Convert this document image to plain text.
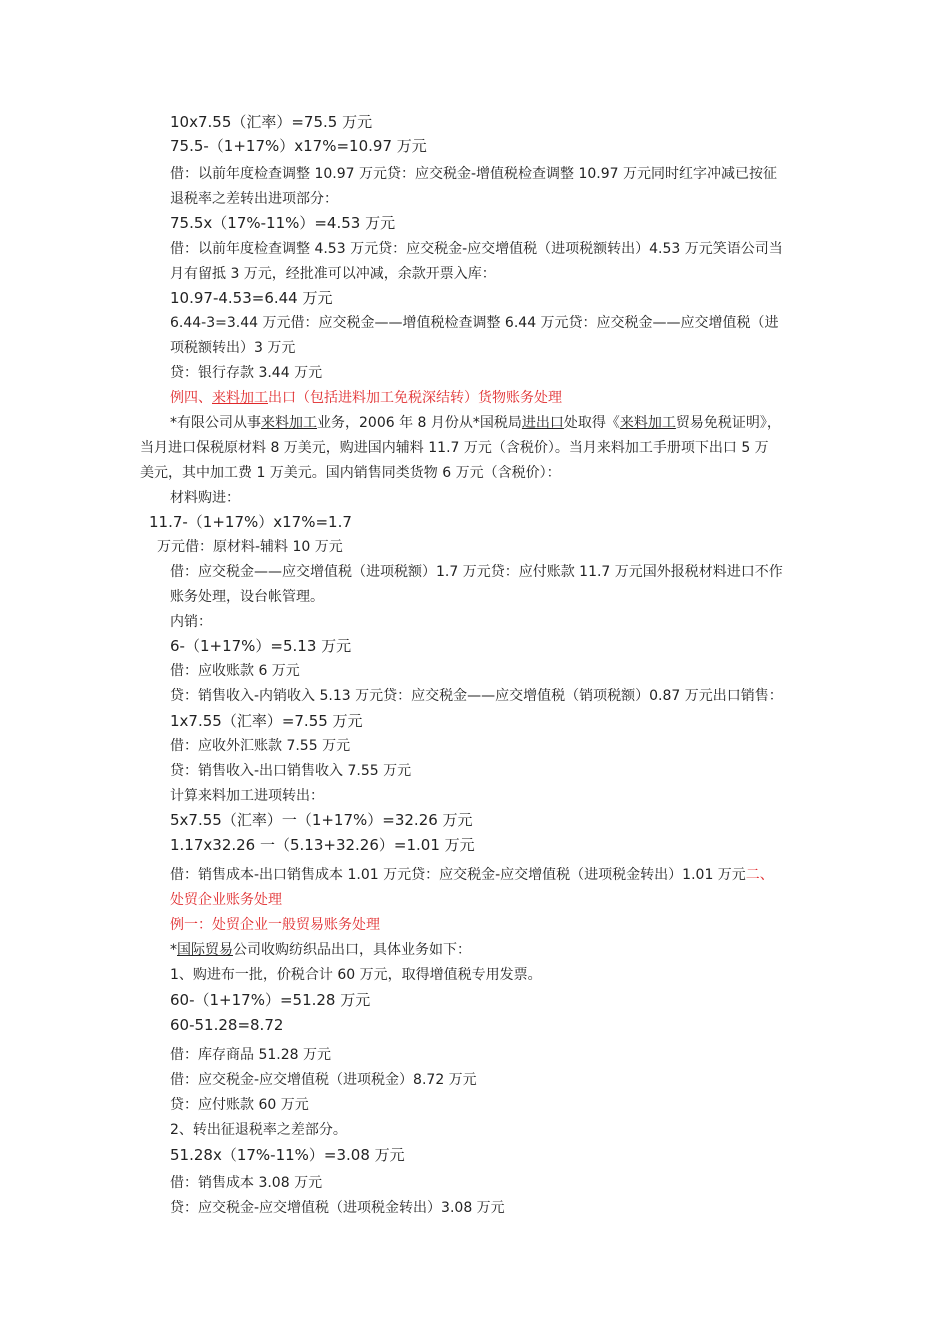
10x7.55（汇率）=75.5 万元
75.5-（1+17%）x17%=10.97 万元
借：以前年度检查调整 10.97 万元贷：应交税金-增值税检查调整 10.97 万元同时红字冲减已按征
退税率之差转出进项部分：
75.5x（17%-11%）=4.53 万元
借：以前年度检查调整 4.53 万元贷：应交税金-应交增值税（进项税额转出）4.53 万元笑语公司当
月有留抵 3 万元，经批准可以冲减，余款开票入库：
10.97-4.53=6.44 万元
6.44-3=3.44 万元借：应交税金——增值税检查调整 6.44 万元贷：应交税金——应交增值税（进
项税额转出）3 万元
贷：银行存款 3.44 万元
例四、来料加工出口（包括进料加工免税深结转）货物账务处理
*有限公司从事来料加工业务，2006 年 8 月份从*国税局进出口处取得《来料加工贸易免税证明》，
当月进口保税原材料 8 万美元，购进国内辅料 11.7 万元（含税价）。当月来料加工手册项下出口 5 万
美元，其中加工费 1 万美元。国内销售同类货物 6 万元（含税价）：
材料购进：
11.7-（1+17%）x17%=1.7
万元借：原材料-辅料 10 万元
借：应交税金——应交增值税（进项税额）1.7 万元贷：应付账款 11.7 万元国外报税材料进口不作
账务处理，设台帐管理。
内销：
6-（1+17%）=5.13 万元
借：应收账款 6 万元
贷：销售收入-内销收入 5.13 万元贷：应交税金——应交增值税（销项税额）0.87 万元出口销售：
1x7.55（汇率）=7.55 万元
借：应收外汇账款 7.55 万元
贷：销售收入-出口销售收入 7.55 万元
计算来料加工进项转出：
5x7.55（汇率）一（1+17%）=32.26 万元
1.17x32.26 一（5.13+32.26）=1.01 万元
借：销售成本-出口销售成本 1.01 万元贷：应交税金-应交增值税（进项税金转出）1.01 万元二、
处贸企业账务处理
例一：处贸企业一般贸易账务处理
*国际贸易公司收购纺织品出口，具体业务如下：
1、购进布一批，价税合计 60 万元，取得增值税专用发票。
60-（1+17%）=51.28 万元
60-51.28=8.72
借：库存商品 51.28 万元
借：应交税金-应交增值税（进项税金）8.72 万元
贷：应付账款 60 万元
2、转出征退税率之差部分。
51.28x（17%-11%）=3.08 万元
借：销售成本 3.08 万元
贷：应交税金-应交增值税（进项税金转出）3.08 万元
